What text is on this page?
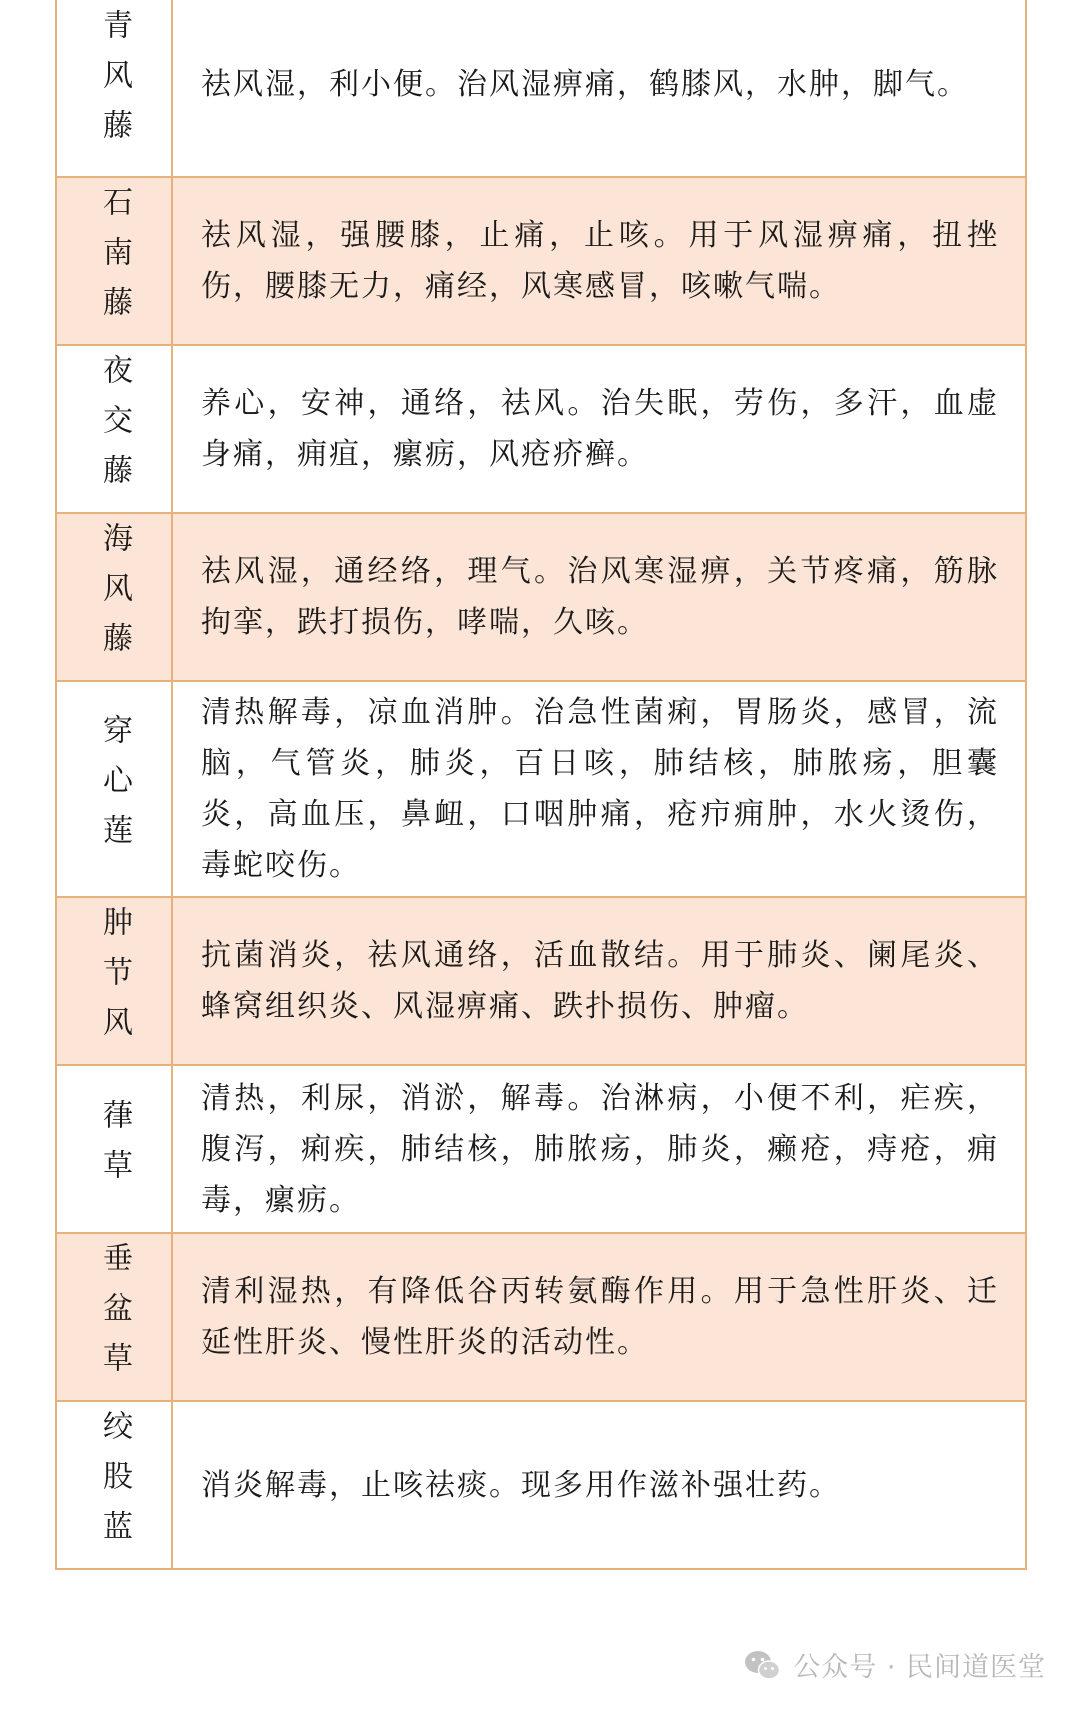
青风藤 祛风湿，利小便。治风湿痹痛，鹤膝风，水肿，脚气。
石南藤 祛风湿，强腰膝，止痛，止咳。用于风湿痹痛，扭挫伤，腰膝无力，痛经，风寒感冒，咳嗽气喘。
夜交藤 养心，安神，通络，祛风。治失眠，劳伤，多汗，血虚身痛，痈疽，瘰疬，风疮疥癣。
海风藤 祛风湿，通经络，理气。治风寒湿痹，关节疼痛，筋脉拘挛，跌打损伤，哮喘，久咳。
穿心莲
清热解毒，凉血消肿。治急性菌痢，胃肠炎，感冒，流脑，气管炎，肺炎，百日咳，肺结核，肺脓疡，胆囊炎，高血压，鼻衄，口咽肿痛，疮疖痈肿，水火烫伤，毒蛇咬伤。
肿节风 抗菌消炎，祛风通络，活血散结。用于肺炎、阑尾炎、蜂窝组织炎、风湿痹痛、跌扑损伤、肿瘤。
葎草
清热，利尿，消淤，解毒。治淋病，小便不利，疟疾，腹泻，痢疾，肺结核，肺脓疡，肺炎，癞疮，痔疮，痈毒，瘰疬。
垂盆草 清利湿热，有降低谷丙转氨酶作用。用于急性肝炎、迁延性肝炎、慢性肝炎的活动性。
绞股蓝 消炎解毒，止咳祛痰。现多用作滋补强壮药。
公众号 · 民间道医堂
